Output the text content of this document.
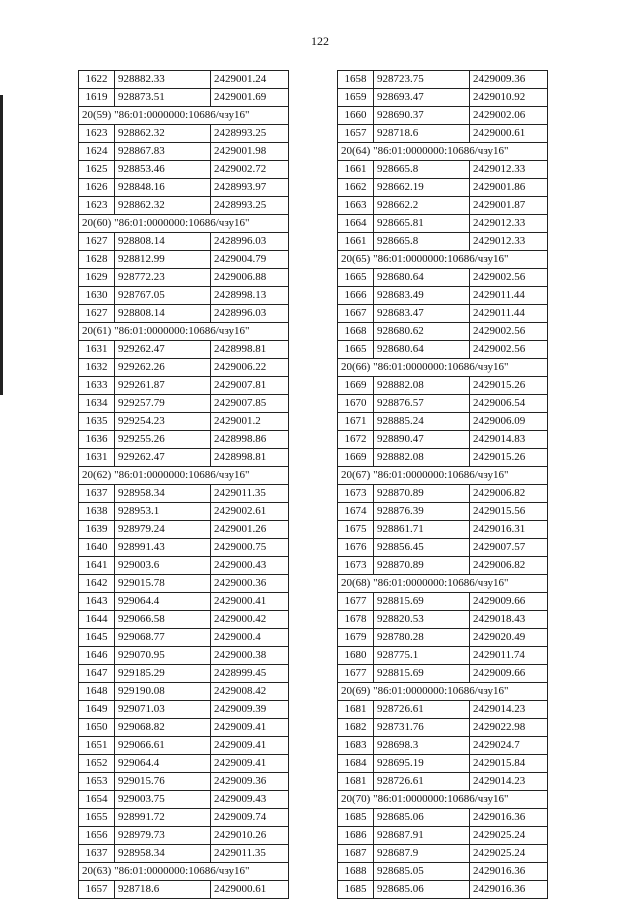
122
1622	928882.33	2429001.24
1619	928873.51	2429001.69
20(59) "86:01:0000000:10686/чзу16"		
1623	928862.32	2428993.25
1624	928867.83	2429001.98
1625	928853.46	2429002.72
1626	928848.16	2428993.97
1623	928862.32	2428993.25
20(60) "86:01:0000000:10686/чзу16"		
1627	928808.14	2428996.03
1628	928812.99	2429004.79
1629	928772.23	2429006.88
1630	928767.05	2428998.13
1627	928808.14	2428996.03
20(61) "86:01:0000000:10686/чзу16"		
1631	929262.47	2428998.81
1632	929262.26	2429006.22
1633	929261.87	2429007.81
1634	929257.79	2429007.85
1635	929254.23	2429001.2
1636	929255.26	2428998.86
1631	929262.47	2428998.81
20(62) "86:01:0000000:10686/чзу16"		
1637	928958.34	2429011.35
1638	928953.1	2429002.61
1639	928979.24	2429001.26
1640	928991.43	2429000.75
1641	929003.6	2429000.43
1642	929015.78	2429000.36
1643	929064.4	2429000.41
1644	929066.58	2429000.42
1645	929068.77	2429000.4
1646	929070.95	2429000.38
1647	929185.29	2428999.45
1648	929190.08	2429008.42
1649	929071.03	2429009.39
1650	929068.82	2429009.41
1651	929066.61	2429009.41
1652	929064.4	2429009.41
1653	929015.76	2429009.36
1654	929003.75	2429009.43
1655	928991.72	2429009.74
1656	928979.73	2429010.26
1637	928958.34	2429011.35
20(63) "86:01:0000000:10686/чзу16"		
1657	928718.6	2429000.61
1658	928723.75	2429009.36
1659	928693.47	2429010.92
1660	928690.37	2429002.06
1657	928718.6	2429000.61
20(64) "86:01:0000000:10686/чзу16"		
1661	928665.8	2429012.33
1662	928662.19	2429001.86
1663	928662.2	2429001.87
1664	928665.81	2429012.33
1661	928665.8	2429012.33
20(65) "86:01:0000000:10686/чзу16"		
1665	928680.64	2429002.56
1666	928683.49	2429011.44
1667	928683.47	2429011.44
1668	928680.62	2429002.56
1665	928680.64	2429002.56
20(66) "86:01:0000000:10686/чзу16"		
1669	928882.08	2429015.26
1670	928876.57	2429006.54
1671	928885.24	2429006.09
1672	928890.47	2429014.83
1669	928882.08	2429015.26
20(67) "86:01:0000000:10686/чзу16"		
1673	928870.89	2429006.82
1674	928876.39	2429015.56
1675	928861.71	2429016.31
1676	928856.45	2429007.57
1673	928870.89	2429006.82
20(68) "86:01:0000000:10686/чзу16"		
1677	928815.69	2429009.66
1678	928820.53	2429018.43
1679	928780.28	2429020.49
1680	928775.1	2429011.74
1677	928815.69	2429009.66
20(69) "86:01:0000000:10686/чзу16"		
1681	928726.61	2429014.23
1682	928731.76	2429022.98
1683	928698.3	2429024.7
1684	928695.19	2429015.84
1681	928726.61	2429014.23
20(70) "86:01:0000000:10686/чзу16"		
1685	928685.06	2429016.36
1686	928687.91	2429025.24
1687	928687.9	2429025.24
1688	928685.05	2429016.36
1685	928685.06	2429016.36
